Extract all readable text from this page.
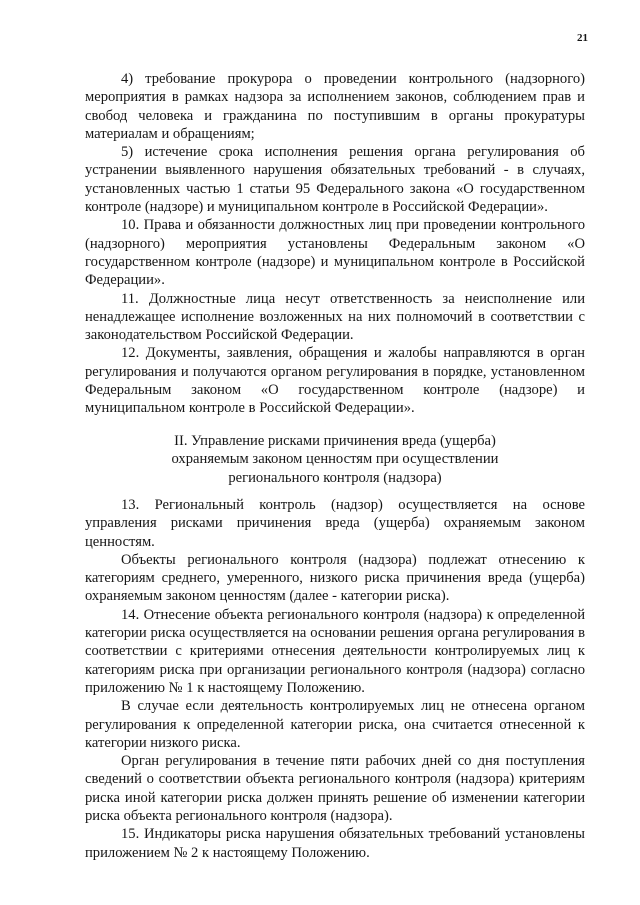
21

4) требование прокурора о проведении контрольного (надзорного) мероприятия в рамках надзора за исполнением законов, соблюдением прав и свобод человека и гражданина по поступившим в органы прокуратуры материалам и обращениям;

5) истечение срока исполнения решения органа регулирования об устранении выявленного нарушения обязательных требований - в случаях, установленных частью 1 статьи 95 Федерального закона «О государственном контроле (надзоре) и муниципальном контроле в Российской Федерации».

10. Права и обязанности должностных лиц при проведении контрольного (надзорного) мероприятия установлены Федеральным законом «О государственном контроле (надзоре) и муниципальном контроле в Российской Федерации».

11. Должностные лица несут ответственность за неисполнение или ненадлежащее исполнение возложенных на них полномочий в соответствии с законодательством Российской Федерации.

12. Документы, заявления, обращения и жалобы направляются в орган регулирования и получаются органом регулирования в порядке, установленном Федеральным законом «О государственном контроле (надзоре) и муниципальном контроле в Российской Федерации».

II. Управление рисками причинения вреда (ущерба) охраняемым законом ценностям при осуществлении регионального контроля (надзора)

13. Региональный контроль (надзор) осуществляется на основе управления рисками причинения вреда (ущерба) охраняемым законом ценностям.

Объекты регионального контроля (надзора) подлежат отнесению к категориям среднего, умеренного, низкого риска причинения вреда (ущерба) охраняемым законом ценностям (далее - категории риска).

14. Отнесение объекта регионального контроля (надзора) к определенной категории риска осуществляется на основании решения органа регулирования в соответствии с критериями отнесения деятельности контролируемых лиц к категориям риска при организации регионального контроля (надзора) согласно приложению № 1 к настоящему Положению.

В случае если деятельность контролируемых лиц не отнесена органом регулирования к определенной категории риска, она считается отнесенной к категории низкого риска.

Орган регулирования в течение пяти рабочих дней со дня поступления сведений о соответствии объекта регионального контроля (надзора) критериям риска иной категории риска должен принять решение об изменении категории риска объекта регионального контроля (надзора).

15. Индикаторы риска нарушения обязательных требований установлены приложением № 2 к настоящему Положению.
